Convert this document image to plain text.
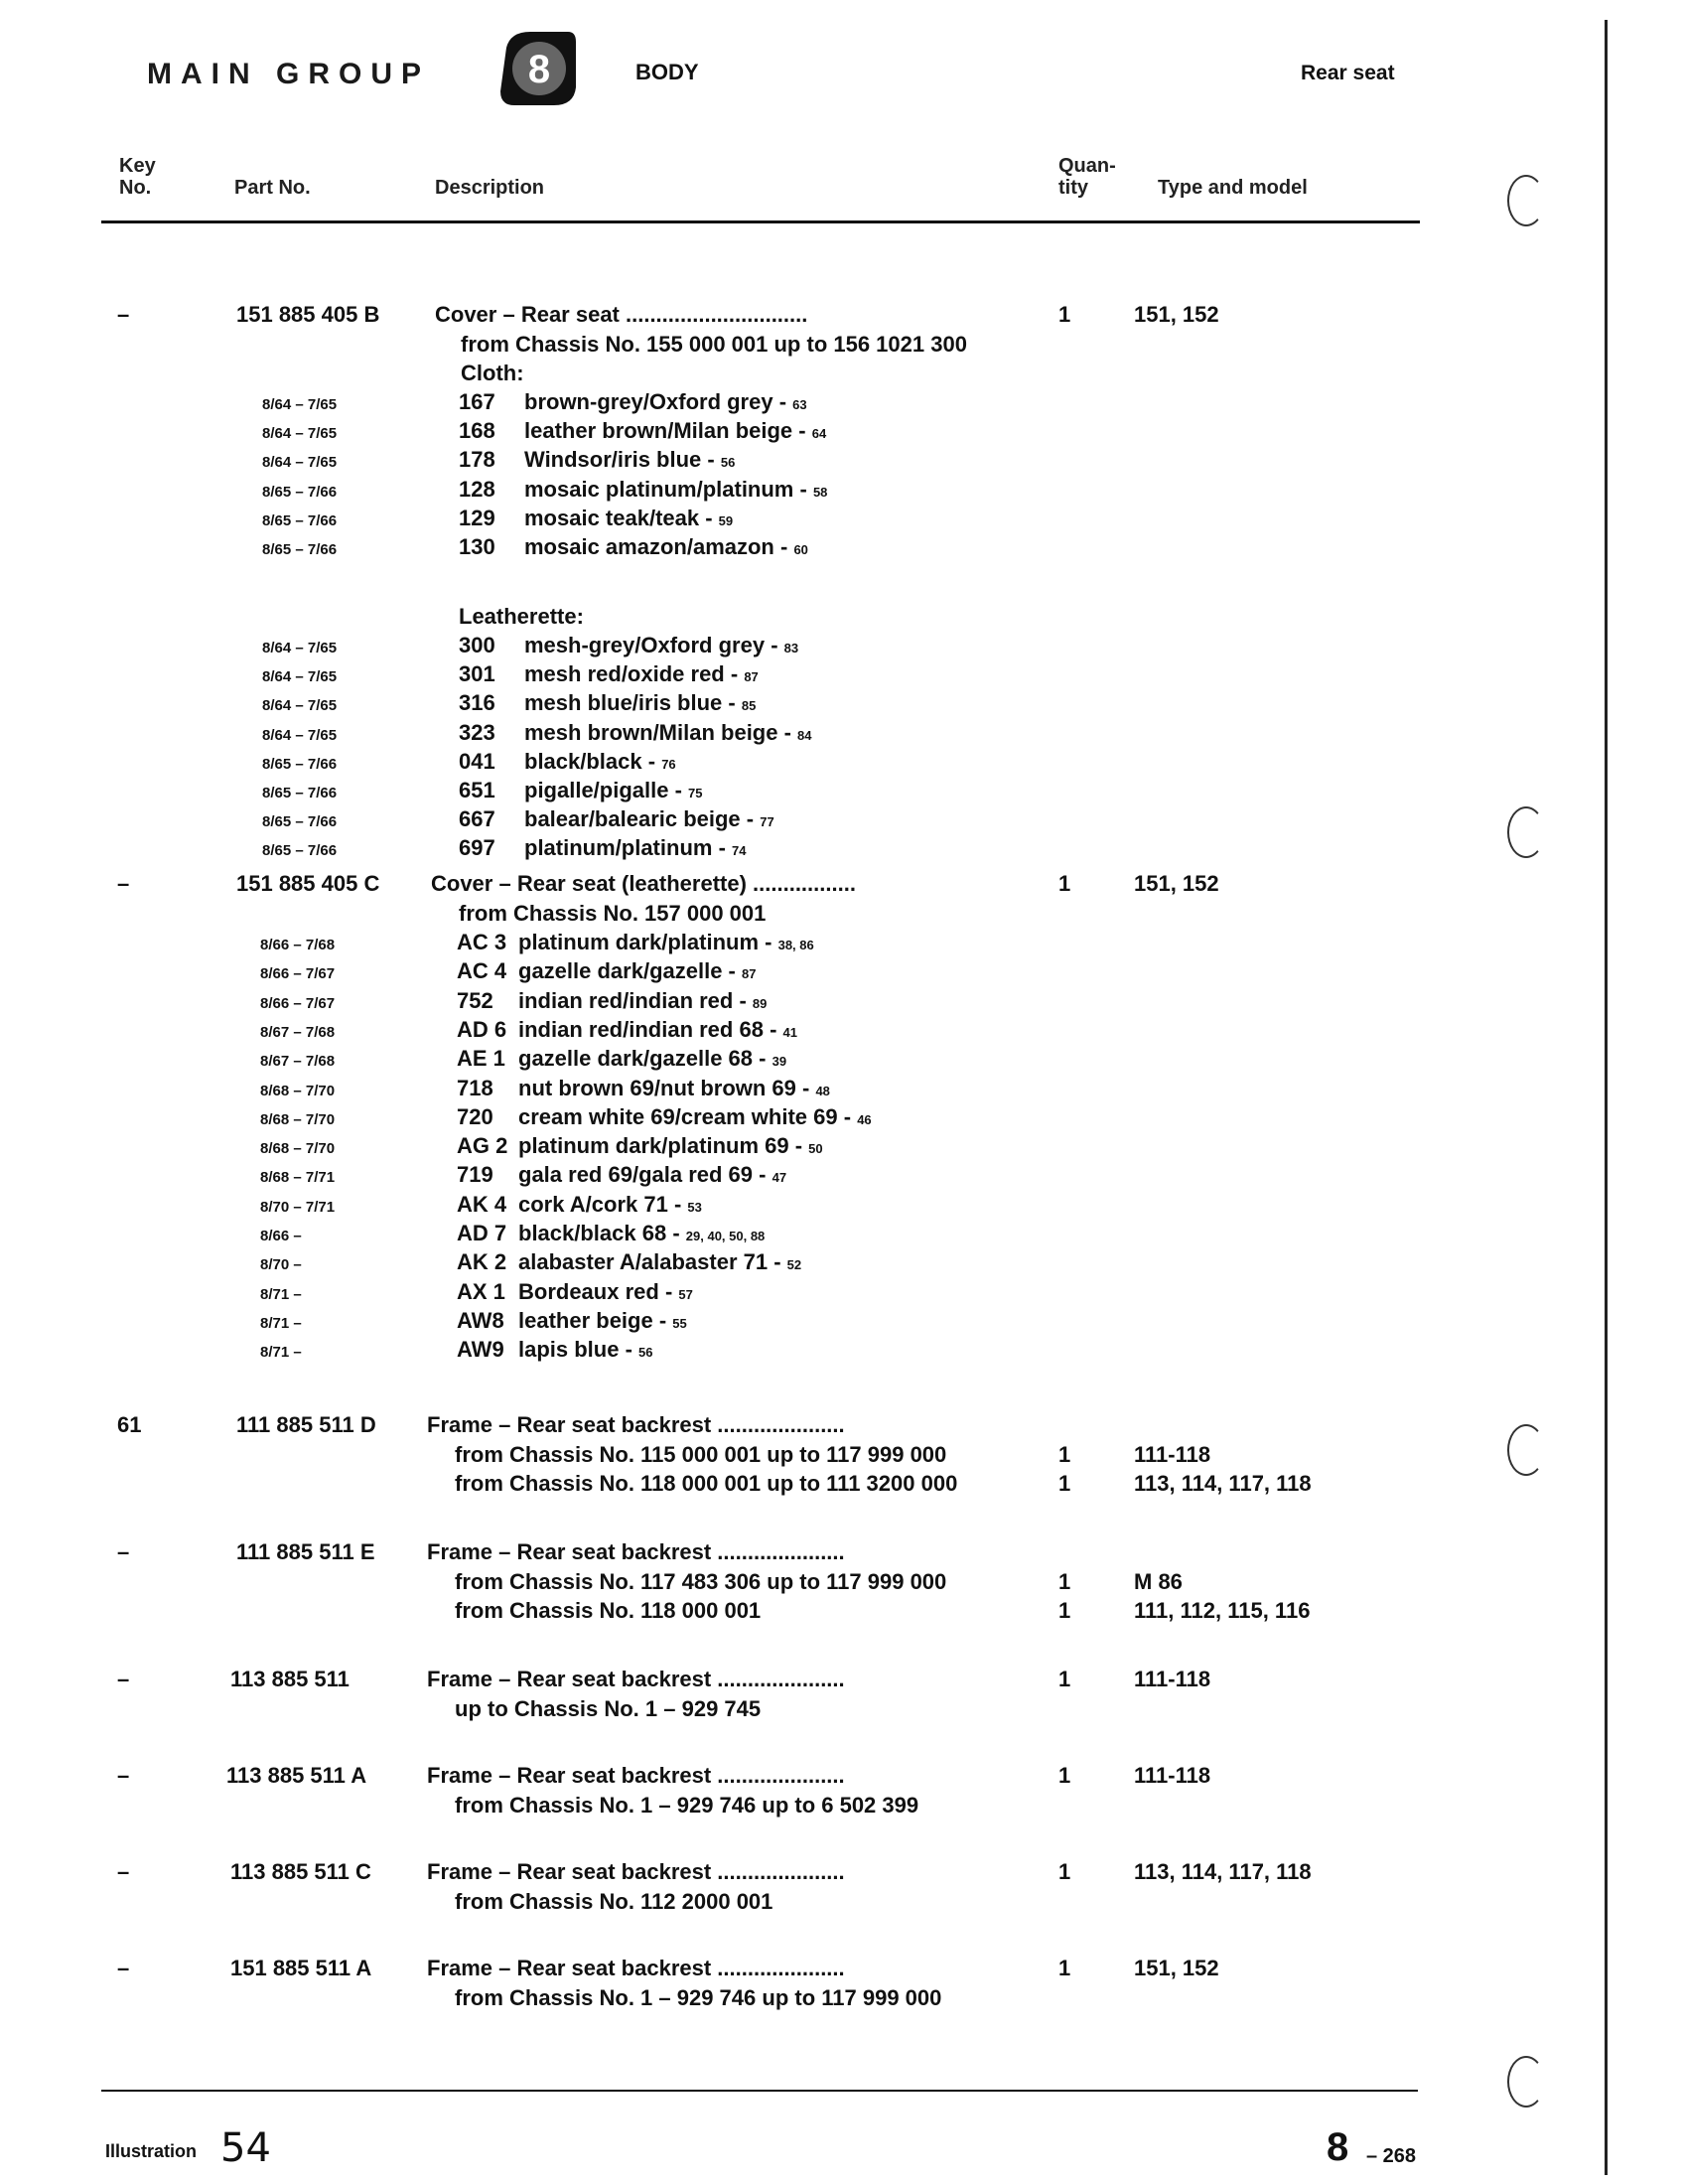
MAIN GROUP 8	BODY	Rear seat
Key
No.	Part No.	Description
Quan-
tity	Type and model
–	151 885 405 B	Cover – Rear seat ..............................	1	151, 152
from Chassis No. 155 000 001 up to 156 1021 300
Cloth:
8/64 – 7/65	167 brown-grey/Oxford grey - 63
8/64 – 7/65	168 leather brown/Milan beige - 64
8/64 – 7/65	178 Windsor/iris blue - 56
8/65 – 7/66	128 mosaic platinum/platinum - 58
8/65 – 7/66	129 mosaic teak/teak - 59
8/65 – 7/66	130 mosaic amazon/amazon - 60
Leatherette:
8/64 – 7/65	300 mesh-grey/Oxford grey - 83
8/64 – 7/65	301 mesh red/oxide red - 87
8/64 – 7/65	316 mesh blue/iris blue - 85
8/64 – 7/65	323 mesh brown/Milan beige - 84
8/65 – 7/66	041 black/black - 76
8/65 – 7/66	651 pigalle/pigalle - 75
8/65 – 7/66	667 balear/balearic beige - 77
8/65 – 7/66	697 platinum/platinum - 74
–	151 885 405 C Cover – Rear seat (leatherette) .................	1	151, 152
from Chassis No. 157 000 001
8/66 – 7/68	AC 3 platinum dark/platinum - 38, 86
8/66 – 7/67	AC 4 gazelle dark/gazelle - 87
8/66 – 7/67	752 indian red/indian red - 89
8/67 – 7/68	AD 6 indian red/indian red 68 - 41
8/67 – 7/68	AE 1 gazelle dark/gazelle 68 - 39
8/68 – 7/70	718 nut brown 69/nut brown 69 - 48
8/68 – 7/70	720 cream white 69/cream white 69 - 46
8/68 – 7/70	AG 2 platinum dark/platinum 69 - 50
8/68 – 7/71	719 gala red 69/gala red 69 - 47
8/70 – 7/71	AK 4 cork A/cork 71 - 53
8/66 –	AD 7 black/black 68 - 29, 40, 50, 88
8/70 –	AK 2 alabaster A/alabaster 71 - 52
8/71 –	AX 1 Bordeaux red - 57
8/71 –	AW8 leather beige - 55
8/71 –	AW9 lapis blue - 56
61	111 885 511 D Frame – Rear seat backrest .....................
from Chassis No. 115 000 001 up to 117 999 000	1	111-118
from Chassis No. 118 000 001 up to 111 3200 000	1	113, 114, 117, 118
–	111 885 511 E Frame – Rear seat backrest .....................
from Chassis No. 117 483 306 up to 117 999 000	1	M 86
from Chassis No. 118 000 001	1	111, 112, 115, 116
–	113 885 511	Frame – Rear seat backrest .....................	1	111-118
up to Chassis No. 1 – 929 745
–	113 885 511 A	Frame – Rear seat backrest .....................	1	111-118
from Chassis No. 1 – 929 746 up to 6 502 399
–	113 885 511 C	Frame – Rear seat backrest .....................	1	113, 114, 117, 118
from Chassis No. 112 2000 001
–	151 885 511 A	Frame – Rear seat backrest .....................	1	151, 152
from Chassis No. 1 – 929 746 up to 117 999 000
Illustration 54	8 – 268
